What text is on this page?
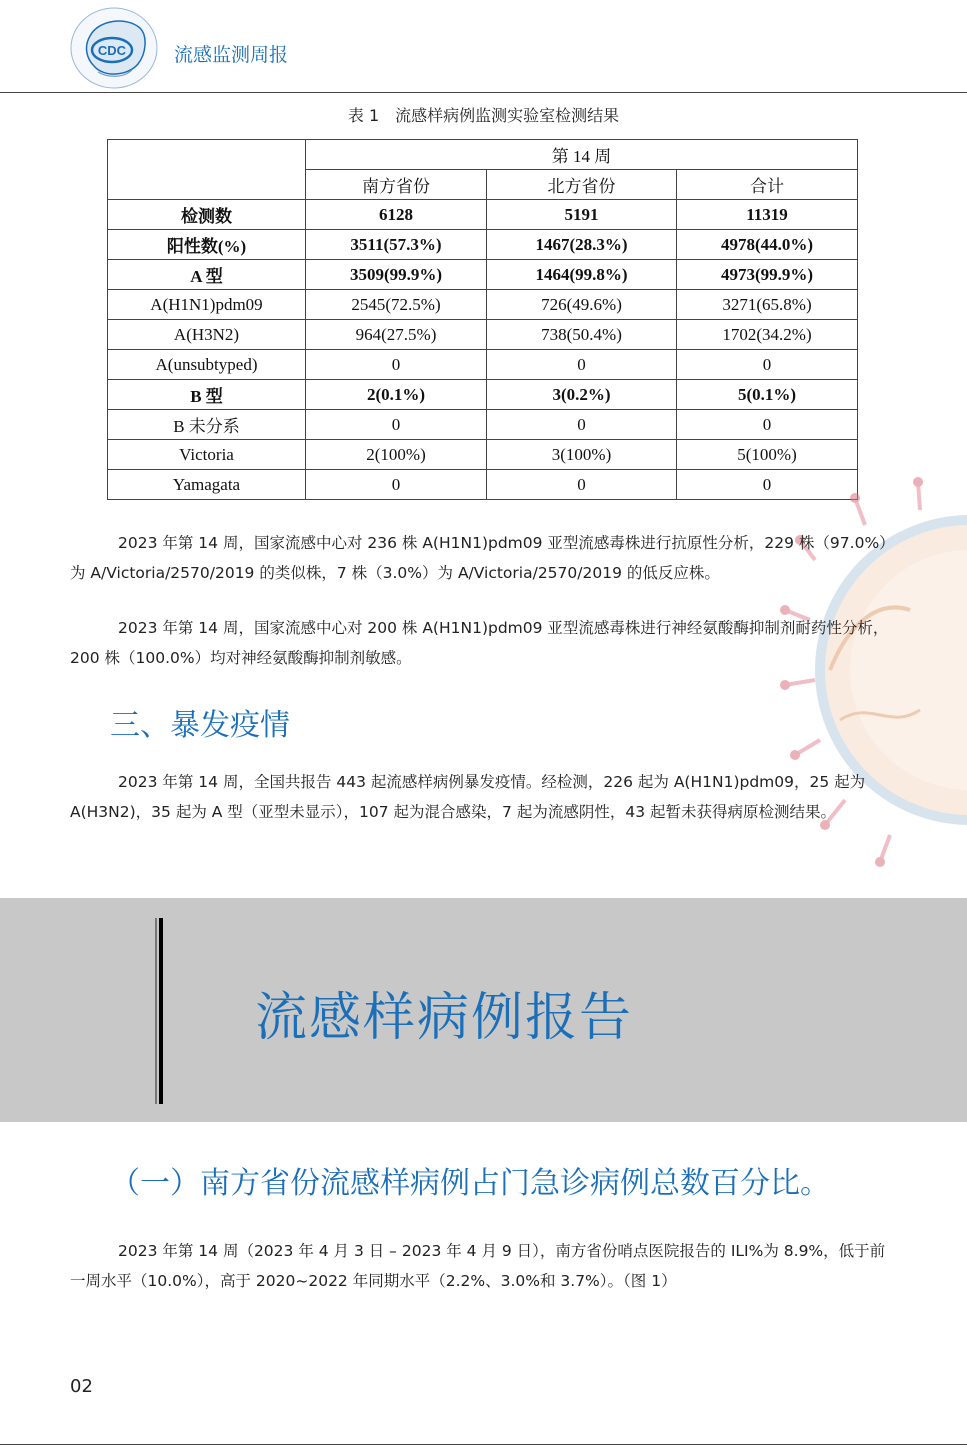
CDC	流感监测周报
表 1　流感样病例监测实验室检测结果
	第 14 周		
	南方省份	北方省份	合计
检测数	6128	5191	11319
阳性数(%)	3511(57.3%)	1467(28.3%)	4978(44.0%)
A 型	3509(99.9%)	1464(99.8%)	4973(99.9%)
A(H1N1)pdm09	2545(72.5%)	726(49.6%)	3271(65.8%)
A(H3N2)	964(27.5%)	738(50.4%)	1702(34.2%)
A(unsubtyped)	0	0	0
B 型	2(0.1%)	3(0.2%)	5(0.1%)
B 未分系	0	0	0
Victoria	2(100%)	3(100%)	5(100%)
Yamagata	0	0	0

2023 年第 14 周，国家流感中心对 236 株 A(H1N1)pdm09 亚型流感毒株进行抗原性分析，229 株（97.0%）为 A/Victoria/2570/2019 的类似株，7 株（3.0%）为 A/Victoria/2570/2019 的低反应株。

2023 年第 14 周，国家流感中心对 200 株 A(H1N1)pdm09 亚型流感毒株进行神经氨酸酶抑制剂耐药性分析，200 株（100.0%）均对神经氨酸酶抑制剂敏感。

三、暴发疫情

2023 年第 14 周，全国共报告 443 起流感样病例暴发疫情。经检测，226 起为 A(H1N1)pdm09，25 起为 A(H3N2)，35 起为 A 型（亚型未显示），107 起为混合感染，7 起为流感阴性，43 起暂未获得病原检测结果。

流感样病例报告
（一）南方省份流感样病例占门急诊病例总数百分比。

2023 年第 14 周（2023 年 4 月 3 日 – 2023 年 4 月 9 日），南方省份哨点医院报告的 ILI%为 8.9%，低于前一周水平（10.0%），高于 2020~2022 年同期水平（2.2%、3.0%和 3.7%）。（图 1）

02
